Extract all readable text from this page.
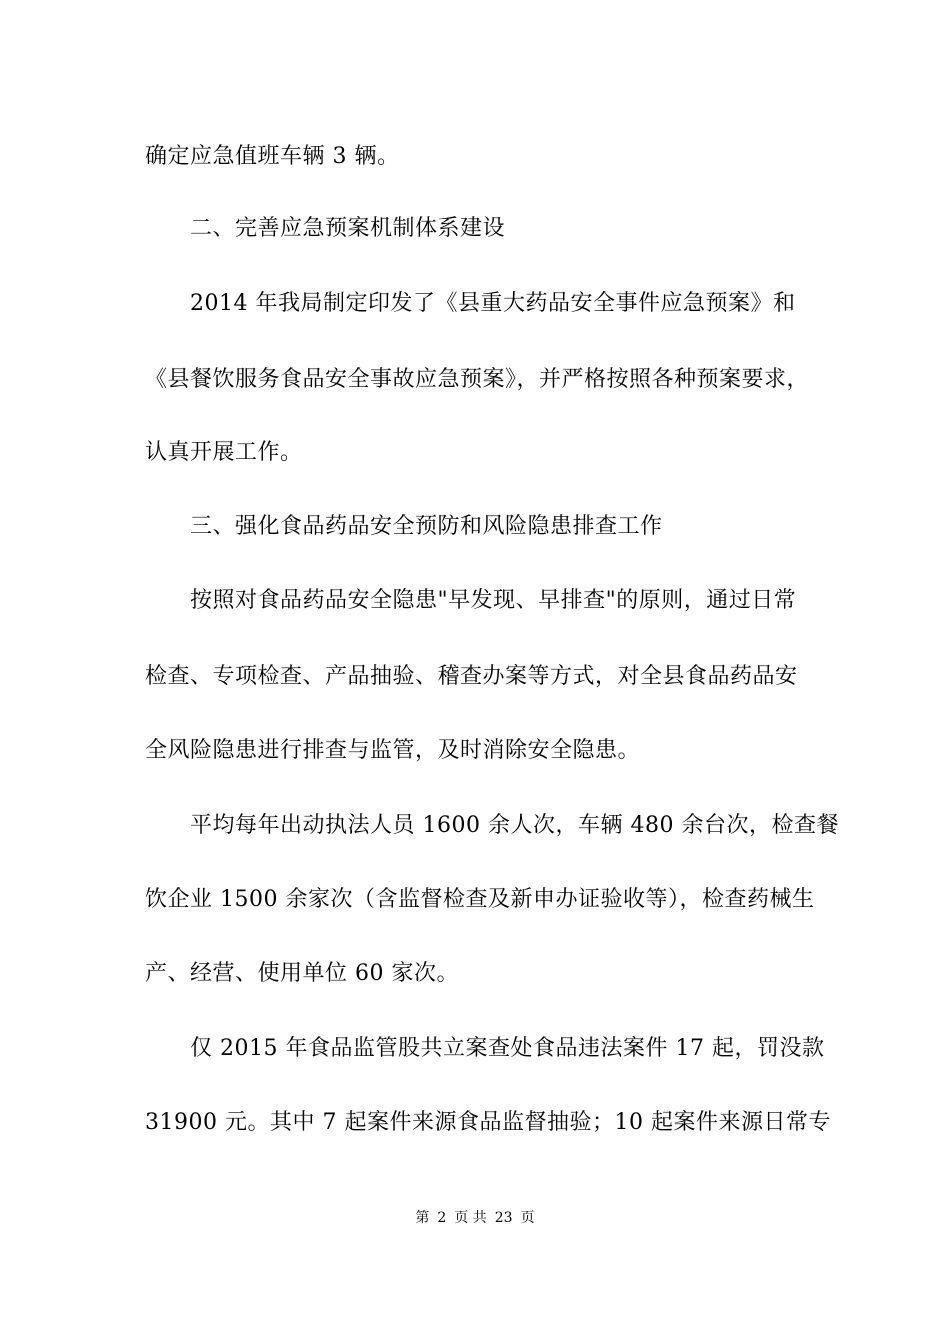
确定应急值班车辆 3 辆。
二、完善应急预案机制体系建设
2014 年我局制定印发了《县重大药品安全事件应急预案》和
《县餐饮服务食品安全事故应急预案》，并严格按照各种预案要求，
认真开展工作。
三、强化食品药品安全预防和风险隐患排查工作
按照对食品药品安全隐患"早发现、早排查"的原则，通过日常
检查、专项检查、产品抽验、稽查办案等方式，对全县食品药品安
全风险隐患进行排查与监管，及时消除安全隐患。
平均每年出动执法人员 1600 余人次，车辆 480 余台次，检查餐
饮企业 1500 余家次（含监督检查及新申办证验收等），检查药械生
产、经营、使用单位 60 家次。
仅 2015 年食品监管股共立案查处食品违法案件 17 起，罚没款
31900 元。其中 7 起案件来源食品监督抽验；10 起案件来源日常专
第 2 页 共 23 页
